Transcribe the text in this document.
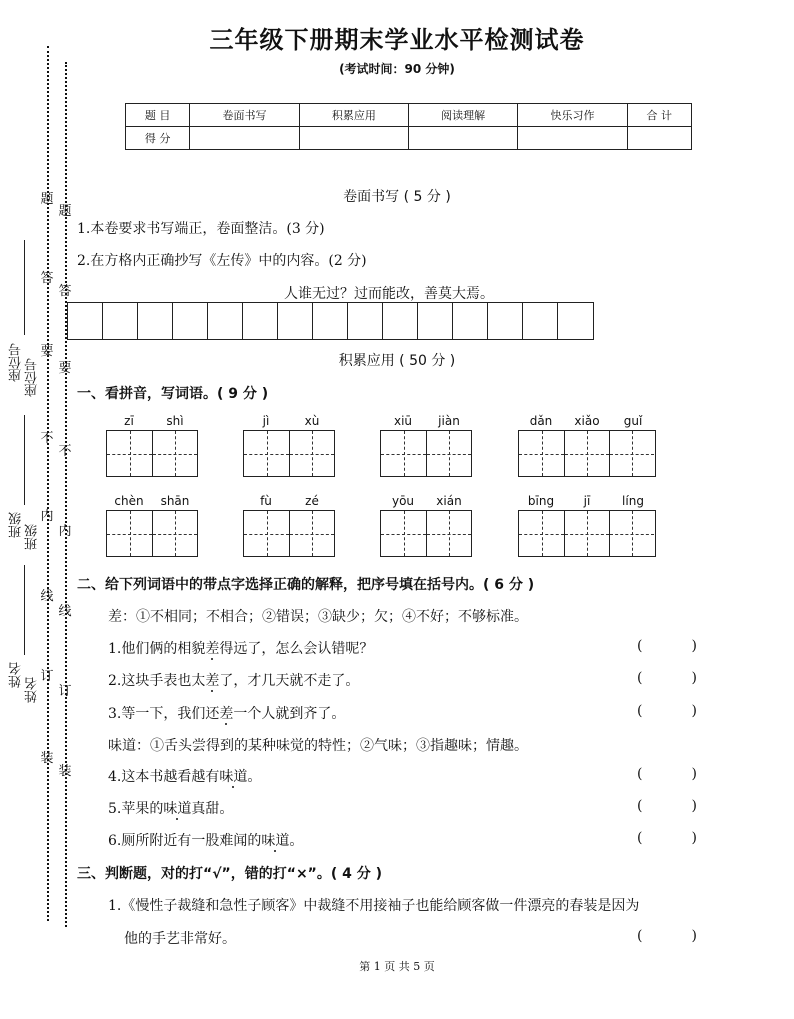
题
题
答
答
要
要
不
不
内
内
线
线
订
订
装
装
座位号 座位号
班级 班级
姓名
姓名
三年级下册期末学业水平检测试卷
(考试时间：90 分钟)
题 目	卷面书写	积累应用	阅读理解	快乐习作	合 计
得 分					
卷面书写 ( 5 分 )
1.本卷要求书写端正，卷面整洁。(3 分)
2.在方格内正确抄写《左传》中的内容。(2 分)
人谁无过？过而能改，善莫大焉。
积累应用 ( 50 分 )
一、看拼音，写词语。( 9 分 )
zī	shì	jì	xù	xiū	jiàn	dǎn	xiǎo	guǐ
chèn	shān	fù	zé	yōu	xián	bīng	jī	líng
二、给下列词语中的带点字选择正确的解释，把序号填在括号内。( 6 分 )
差：①不相同；不相合；②错误；③缺少；欠；④不好；不够标准。
1.他们俩的相貌差得远了，怎么会认错呢？	(	)
2.这块手表也太差了，才几天就不走了。	(	)
3.等一下，我们还差一个人就到齐了。	(	)
味道：①舌头尝得到的某种味觉的特性；②气味；③指趣味；情趣。
4.这本书越看越有味道。	(	)
5.苹果的味道真甜。	(	)
6.厕所附近有一股难闻的味道。	(	)
三、判断题，对的打“√”，错的打“×”。( 4 分 )
1.《慢性子裁缝和急性子顾客》中裁缝不用接袖子也能给顾客做一件漂亮的春装是因为
他的手艺非常好。	(	)
第 1 页 共 5 页
